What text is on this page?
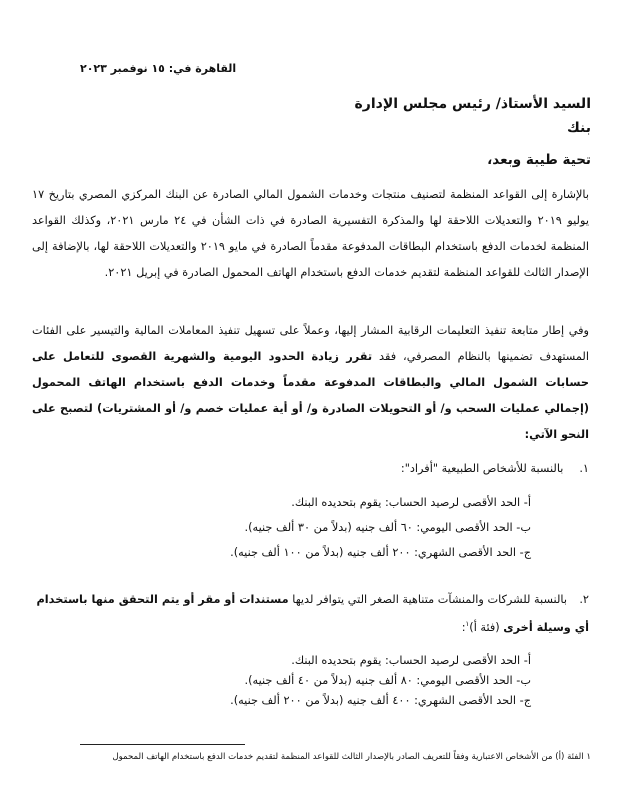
القاهرة في: ١٥ نوفمبر ٢٠٢٣
السيد الأستاذ/ رئيس مجلس الإدارة
بنك
تحية طيبة وبعد،
بالإشارة إلى القواعد المنظمة لتصنيف منتجات وخدمات الشمول المالي الصادرة عن البنك المركزي المصري بتاريخ ١٧ يوليو ٢٠١٩ والتعديلات اللاحقة لها والمذكرة التفسيرية الصادرة في ذات الشأن في ٢٤ مارس ٢٠٢١، وكذلك القواعد المنظمة لخدمات الدفع باستخدام البطاقات المدفوعة مقدماً الصادرة في مايو ٢٠١٩ والتعديلات اللاحقة لها، بالإضافة إلى الإصدار الثالث للقواعد المنظمة لتقديم خدمات الدفع باستخدام الهاتف المحمول الصادرة في إبريل ٢٠٢١.
وفي إطار متابعة تنفيذ التعليمات الرقابية المشار إليها، وعملاً على تسهيل تنفيذ المعاملات المالية والتيسير على الفئات المستهدف تضمينها بالنظام المصرفي، فقد تقرر زيادة الحدود اليومية والشهرية القصوى للتعامل على حسابات الشمول المالي والبطاقات المدفوعة مقدماً وخدمات الدفع باستخدام الهاتف المحمول (إجمالي عمليات السحب و/ أو التحويلات الصادرة و/ أو أية عمليات خصم و/ أو المشتريات) لتصبح على النحو الآتي:
١. بالنسبة للأشخاص الطبيعية "أفراد":
أ- الحد الأقصى لرصيد الحساب: يقوم بتحديده البنك.
ب- الحد الأقصى اليومي: ٦٠ ألف جنيه (بدلاً من ٣٠ ألف جنيه).
ج- الحد الأقصى الشهري: ٢٠٠ ألف جنيه (بدلاً من ١٠٠ ألف جنيه).
٢.بالنسبة للشركات والمنشآت متناهية الصغر التي يتوافر لديها مستندات أو مقر أو يتم التحقق منها باستخدام أي وسيلة أخرى (فئة أ)$^١$:
أ- الحد الأقصى لرصيد الحساب: يقوم بتحديده البنك.
ب- الحد الأقصى اليومي: ٨٠ ألف جنيه (بدلاً من ٤٠ ألف جنيه).
ج- الحد الأقصى الشهري: ٤٠٠ ألف جنيه (بدلاً من ٢٠٠ ألف جنيه).
١ الفئة (أ) من الأشخاص الاعتبارية وفقاً للتعريف الصادر بالإصدار الثالث للقواعد المنظمة لتقديم خدمات الدفع باستخدام الهاتف المحمول
